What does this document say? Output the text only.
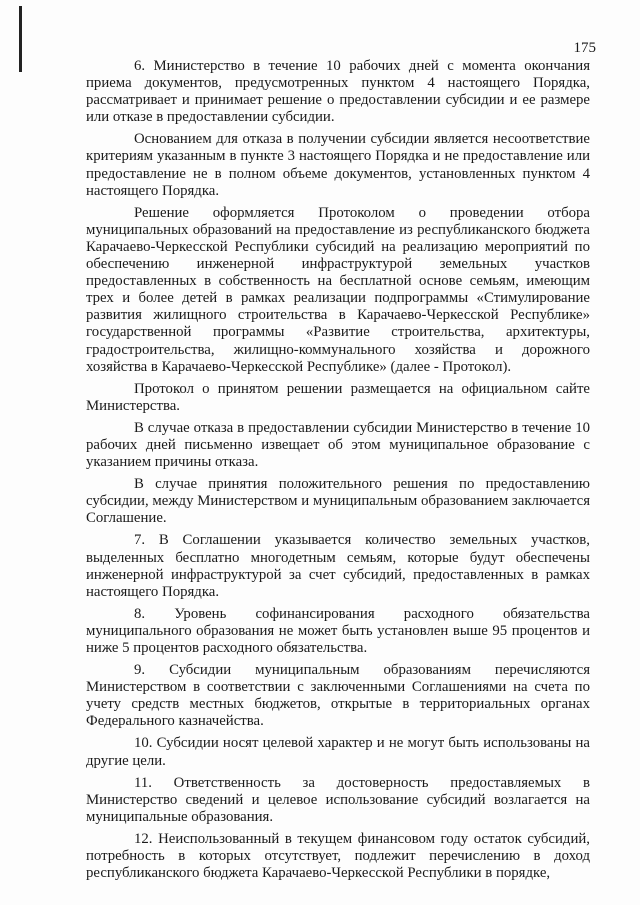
175

6. Министерство в течение 10 рабочих дней с момента окончания приема документов, предусмотренных пунктом 4 настоящего Порядка, рассматривает и принимает решение о предоставлении субсидии и ее размере или отказе в предоставлении субсидии.

Основанием для отказа в получении субсидии является несоответствие критериям указанным в пункте 3 настоящего Порядка и не предоставление или предоставление не в полном объеме документов, установленных пунктом 4 настоящего Порядка.

Решение оформляется Протоколом о проведении отбора муниципальных образований на предоставление из республиканского бюджета Карачаево-Черкесской Республики субсидий на реализацию мероприятий по обеспечению инженерной инфраструктурой земельных участков предоставленных в собственность на бесплатной основе семьям, имеющим трех и более детей в рамках реализации подпрограммы «Стимулирование развития жилищного строительства в Карачаево-Черкесской Республике» государственной программы «Развитие строительства, архитектуры, градостроительства, жилищно-коммунального хозяйства и дорожного хозяйства в Карачаево-Черкесской Республике» (далее - Протокол).

Протокол о принятом решении размещается на официальном сайте Министерства.

В случае отказа в предоставлении субсидии Министерство в течение 10 рабочих дней письменно извещает об этом муниципальное образование с указанием причины отказа.

В случае принятия положительного решения по предоставлению субсидии, между Министерством и муниципальным образованием заключается Соглашение.

7. В Соглашении указывается количество земельных участков, выделенных бесплатно многодетным семьям, которые будут обеспечены инженерной инфраструктурой за счет субсидий, предоставленных в рамках настоящего Порядка.

8. Уровень софинансирования расходного обязательства муниципального образования не может быть установлен выше 95 процентов и ниже 5 процентов расходного обязательства.

9. Субсидии муниципальным образованиям перечисляются Министерством в соответствии с заключенными Соглашениями на счета по учету средств местных бюджетов, открытые в территориальных органах Федерального казначейства.

10. Субсидии носят целевой характер и не могут быть использованы на другие цели.

11. Ответственность за достоверность предоставляемых в Министерство сведений и целевое использование субсидий возлагается на муниципальные образования.

12. Неиспользованный в текущем финансовом году остаток субсидий, потребность в которых отсутствует, подлежит перечислению в доход республиканского бюджета Карачаево-Черкесской Республики в порядке,
